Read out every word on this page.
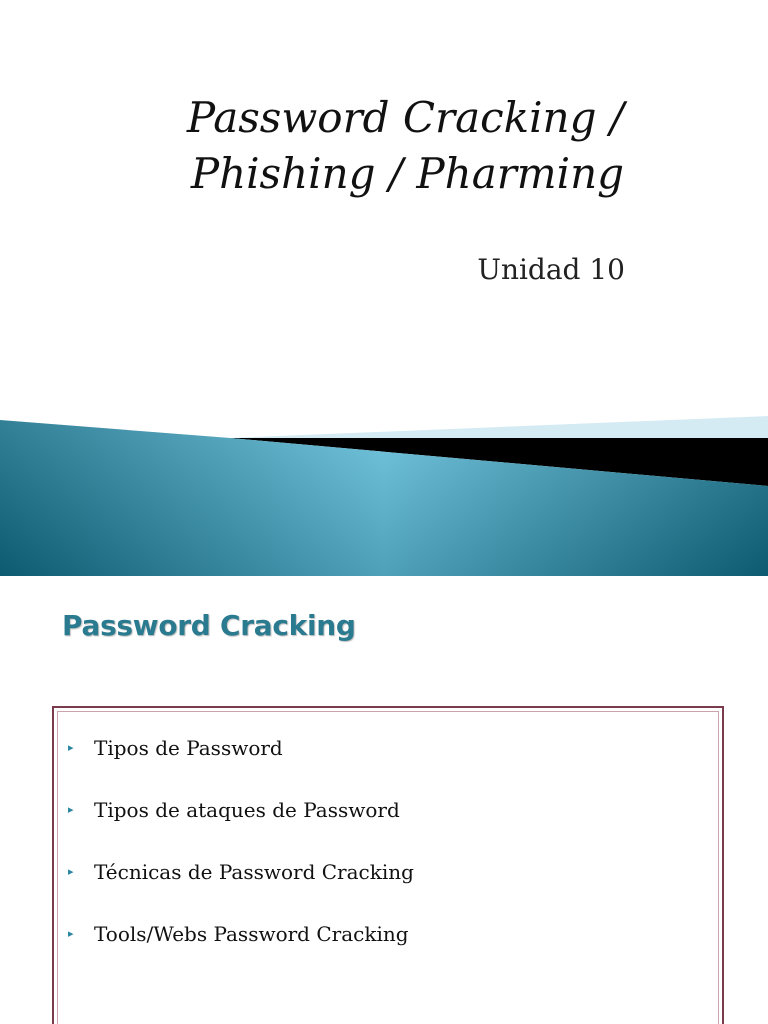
Password Cracking /
Phishing / Pharming
Unidad 10
Password Cracking
▸	Tipos de Password
▸	Tipos de ataques de Password
▸	Técnicas de Password Cracking
▸	Tools/Webs Password Cracking
